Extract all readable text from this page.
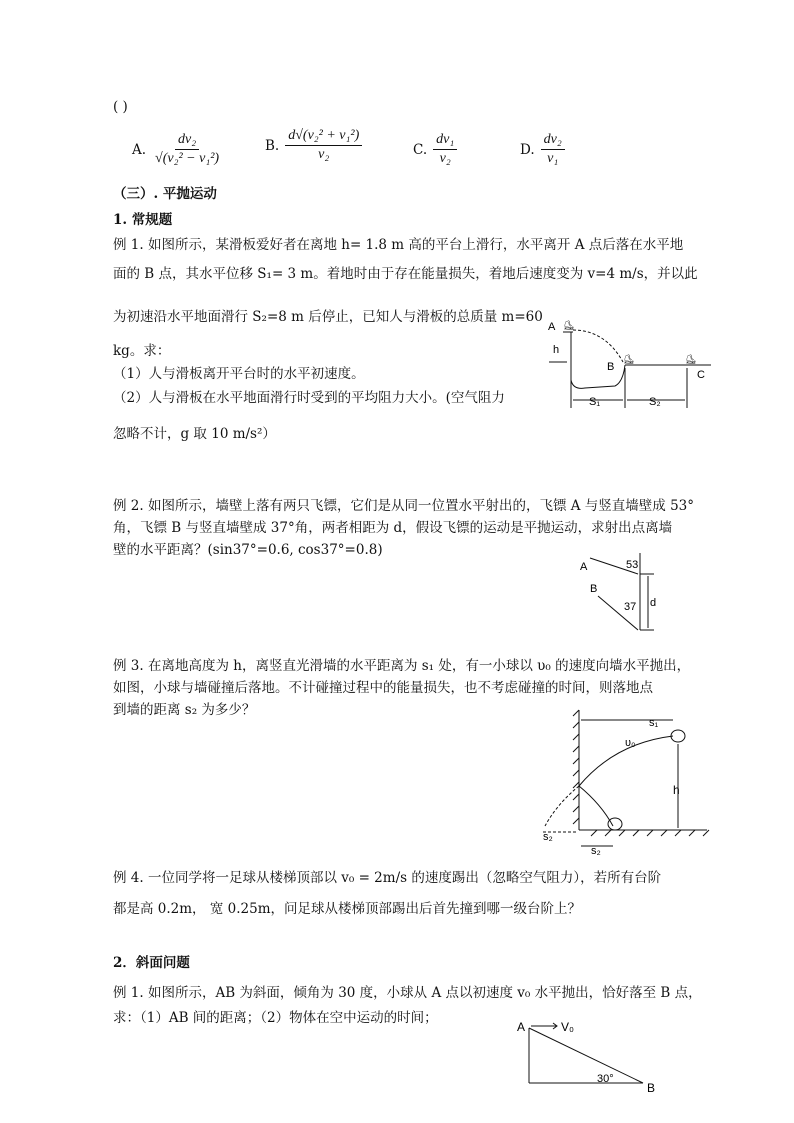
( )
A. $\frac{\text{dv₂}}{\text{√(v₂² − v₁²)}}$	B. $\frac{\text{d√(v₂² + v₁²)}}{\text{v₂}}$	C. $\frac{\text{dv₁}}{\text{v₂}}$	D. $\frac{\text{dv₂}}{\text{v₁}}$
（三）. 平抛运动
1. 常规题
例 1. 如图所示，某滑板爱好者在离地 h= 1.8 m 高的平台上滑行，水平离开 A 点后落在水平地
面的 B 点，其水平位移 S₁= 3 m。着地时由于存在能量损失，着地后速度变为 v=4 m/s，并以此
为初速沿水平地面滑行 S₂=8 m 后停止，已知人与滑板的总质量 m=60
kg。求：
（1）人与滑板离开平台时的水平初速度。
（2）人与滑板在水平地面滑行时受到的平均阻力大小。(空气阻力
忽略不计，g 取 10 m/s²）
A
h
B
C
S₁	S₂
⛸
⛸	⛸
例 2. 如图所示，墙壁上落有两只飞镖，它们是从同一位置水平射出的，飞镖 A 与竖直墙壁成 53°
角，飞镖 B 与竖直墙壁成 37°角，两者相距为 d，假设飞镖的运动是平抛运动，求射出点离墙
壁的水平距离？(sin37°=0.6, cos37°=0.8)
A
B
53
37 d
例 3. 在离地高度为 h，离竖直光滑墙的水平距离为 s₁ 处，有一小球以 υ₀ 的速度向墙水平抛出，
如图，小球与墙碰撞后落地。不计碰撞过程中的能量损失，也不考虑碰撞的时间，则落地点
到墙的距离 s₂ 为多少？
s₁
υ₀
h
s₂
s₂
例 4. 一位同学将一足球从楼梯顶部以 v₀ = 2m/s 的速度踢出（忽略空气阻力），若所有台阶
都是高 0.2m， 宽 0.25m，问足球从楼梯顶部踢出后首先撞到哪一级台阶上？
2．斜面问题
例 1. 如图所示，AB 为斜面，倾角为 30 度，小球从 A 点以初速度 v₀ 水平抛出，恰好落至 B 点，
求：（1）AB 间的距离；（2）物体在空中运动的时间；
A	V₀
30°
B
